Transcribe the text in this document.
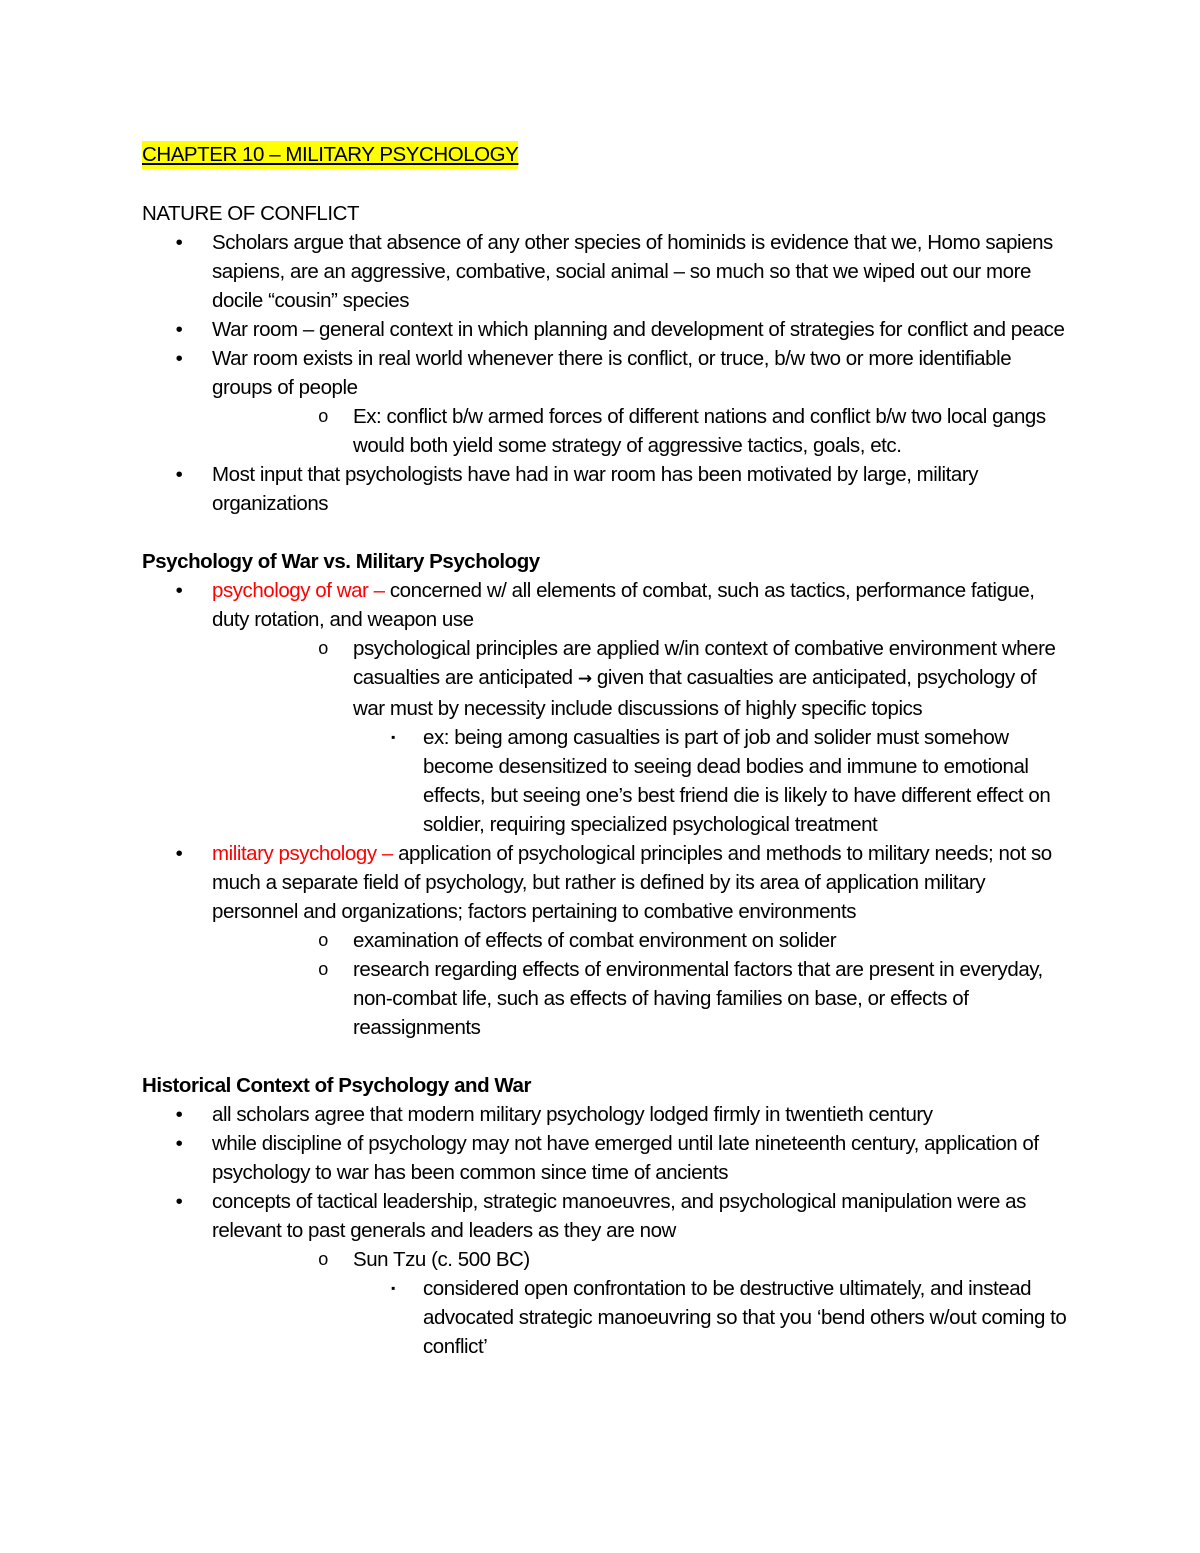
CHAPTER 10 – MILITARY PSYCHOLOGY

NATURE OF CONFLICT

•	Scholars argue that absence of any other species of hominids is evidence that we, Homo sapiens sapiens, are an aggressive, combative, social animal – so much so that we wiped out our more docile “cousin” species
•	War room – general context in which planning and development of strategies for conflict and peace
•	War room exists in real world whenever there is conflict, or truce, b/w two or more identifiable groups of people
o Ex: conflict b/w armed forces of different nations and conflict b/w two local gangs would both yield some strategy of aggressive tactics, goals, etc.
•	Most input that psychologists have had in war room has been motivated by large, military organizations

Psychology of War vs. Military Psychology

•	psychology of war – concerned w/ all elements of combat, such as tactics, performance fatigue, duty rotation, and weapon use
o psychological principles are applied w/in context of combative environment where casualties are anticipated → given that casualties are anticipated, psychology of war must by necessity include discussions of highly specific topics
▪	ex: being among casualties is part of job and solider must somehow become desensitized to seeing dead bodies and immune to emotional effects, but seeing one’s best friend die is likely to have different effect on soldier, requiring specialized psychological treatment
•	military psychology – application of psychological principles and methods to military needs; not so much a separate field of psychology, but rather is defined by its area of application military personnel and organizations; factors pertaining to combative environments
o examination of effects of combat environment on solider
o research regarding effects of environmental factors that are present in everyday, non-combat life, such as effects of having families on base, or effects of reassignments

Historical Context of Psychology and War

•	all scholars agree that modern military psychology lodged firmly in twentieth century
•	while discipline of psychology may not have emerged until late nineteenth century, application of psychology to war has been common since time of ancients
•	concepts of tactical leadership, strategic manoeuvres, and psychological manipulation were as relevant to past generals and leaders as they are now
o Sun Tzu (c. 500 BC)
▪	considered open confrontation to be destructive ultimately, and instead advocated strategic manoeuvring so that you ‘bend others w/out coming to conflict’
